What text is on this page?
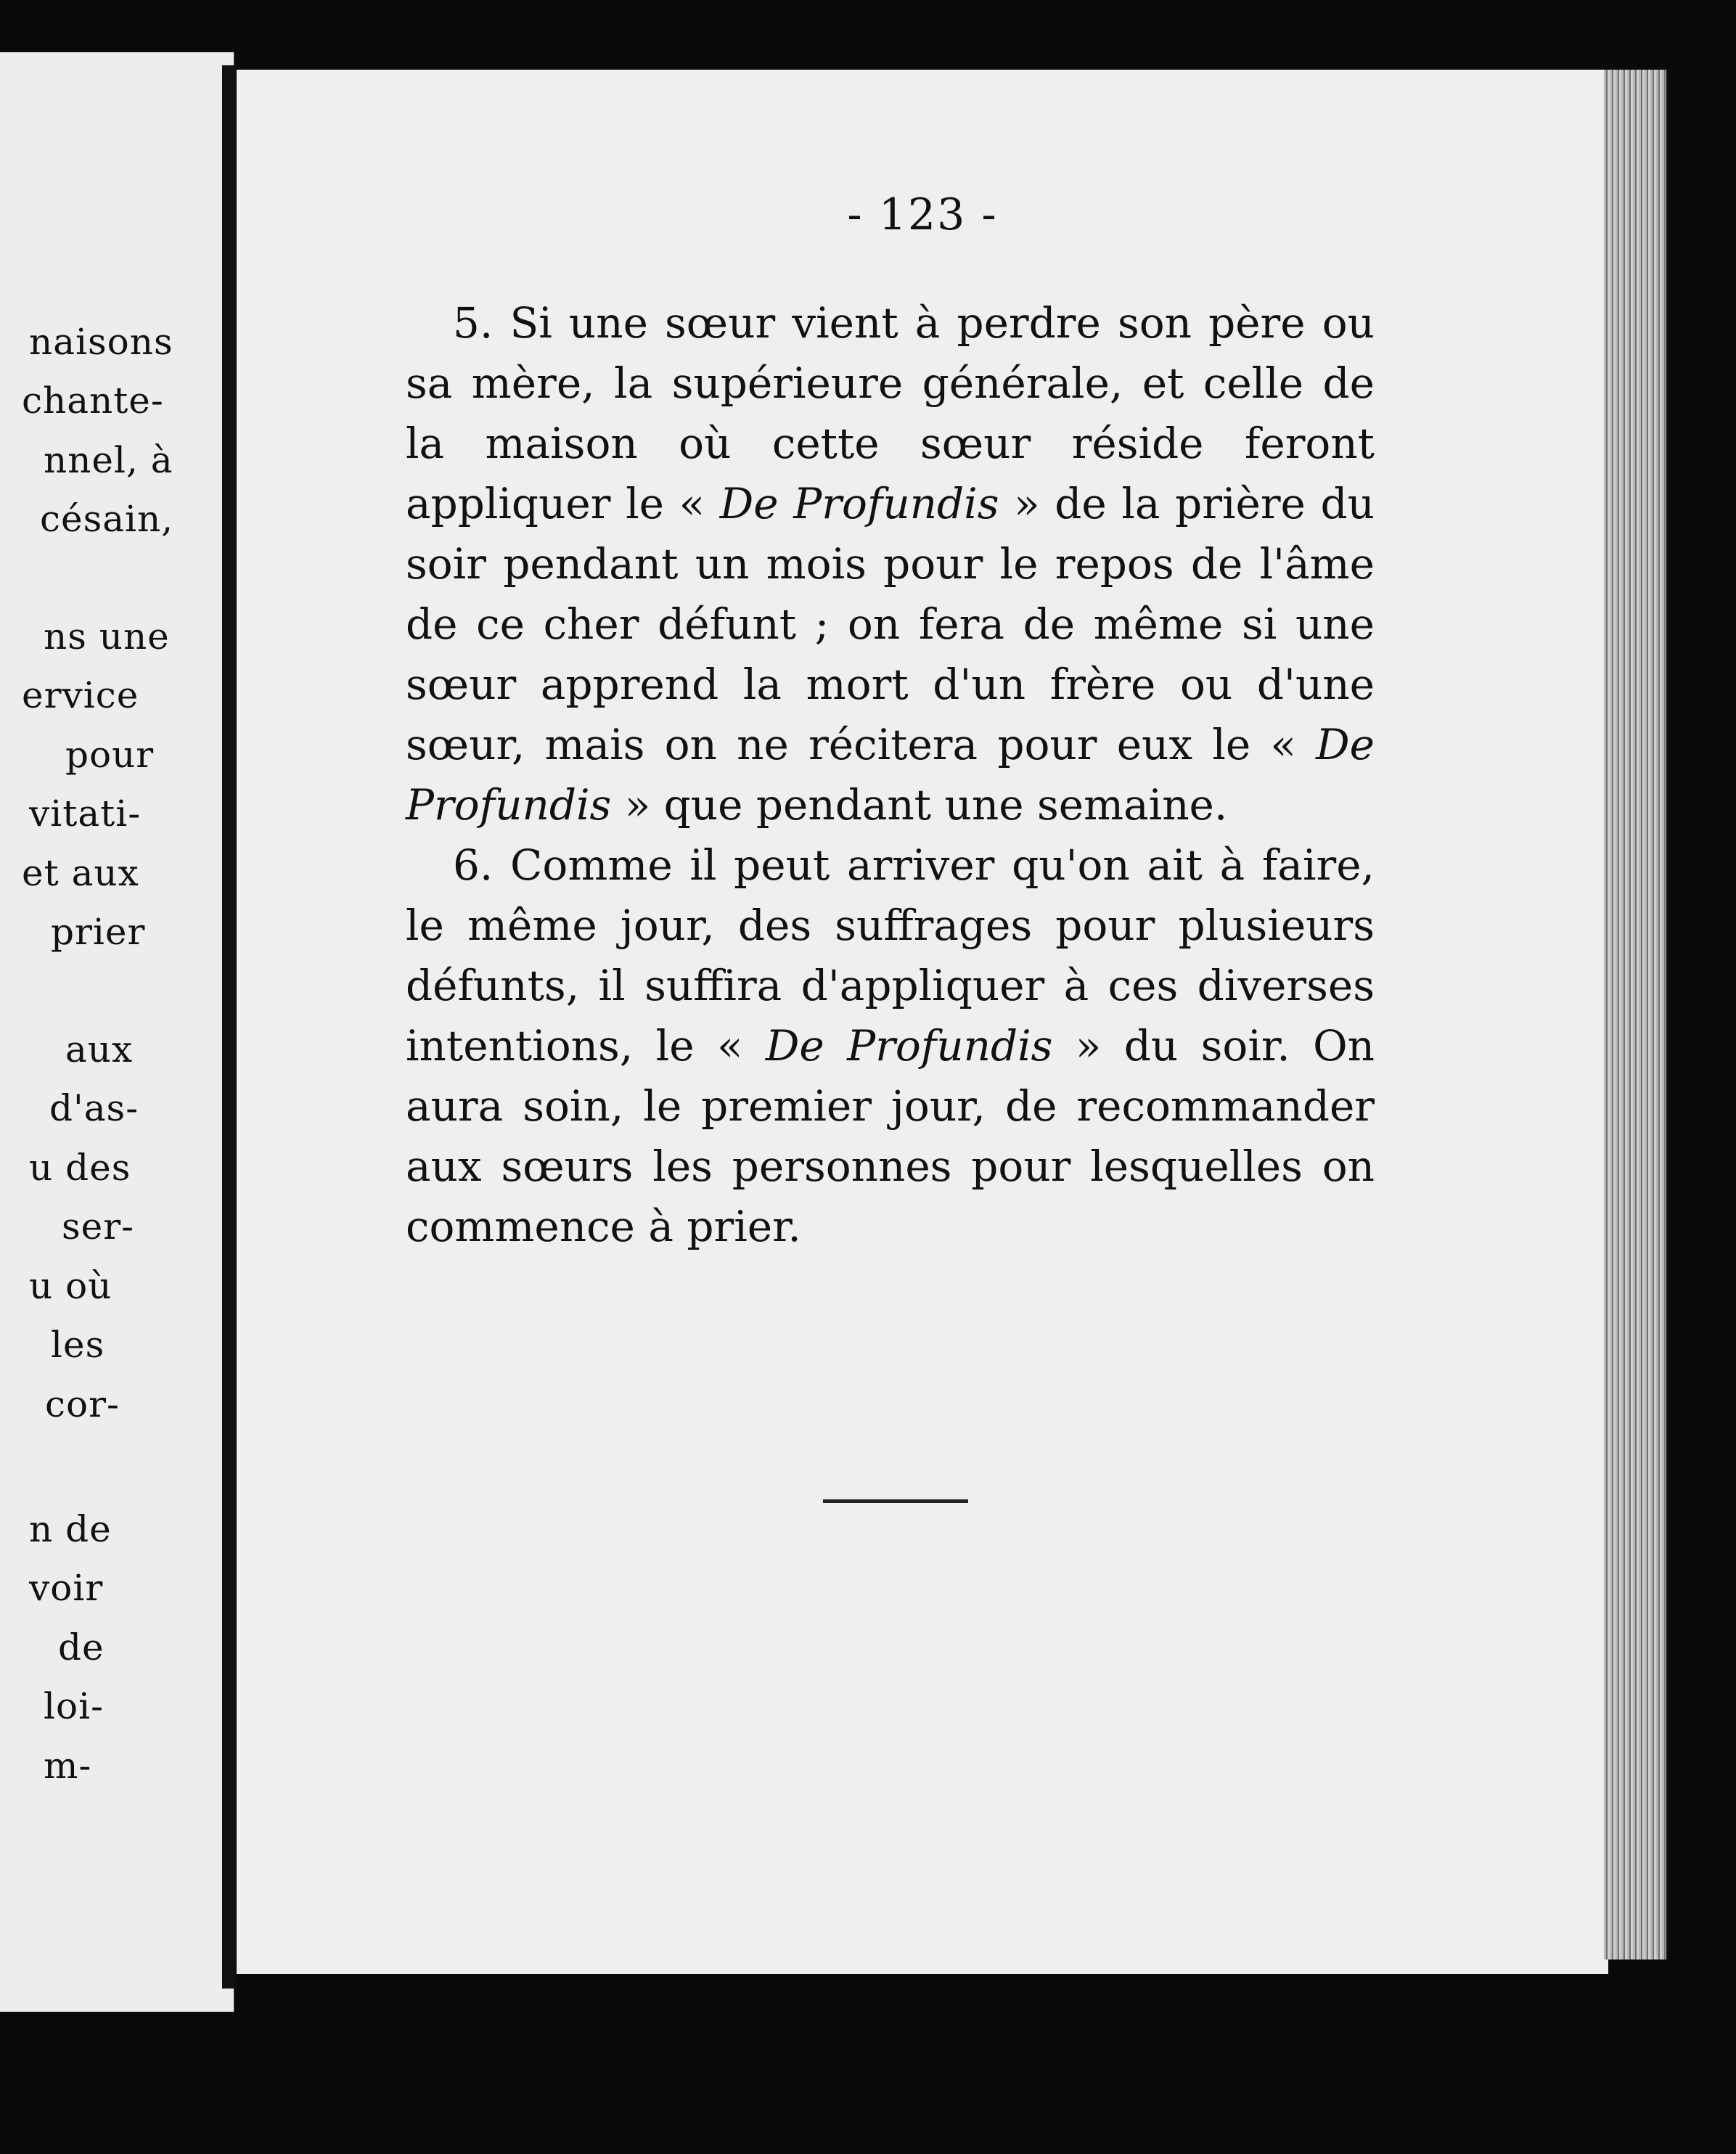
naisons
chante-
nnel, à
césain,
ns une
ervice
pour
vitati-
et aux
prier
aux
d'as-
u des
ser-
u où
les
cor-
n de
voir
de
loi-
m-
- 123 -

5. Si une sœur vient à perdre son père ou sa mère, la supérieure générale, et celle de la maison où cette sœur réside feront appliquer le « De Profundis » de la prière du soir pendant un mois pour le repos de l'âme de ce cher défunt ; on fera de même si une sœur apprend la mort d'un frère ou d'une sœur, mais on ne récitera pour eux le « De Profundis » que pendant une semaine.

6. Comme il peut arriver qu'on ait à faire, le même jour, des suffrages pour plusieurs défunts, il suffira d'appliquer à ces diverses intentions, le « De Profundis » du soir. On aura soin, le premier jour, de recommander aux sœurs les personnes pour lesquelles on commence à prier.
